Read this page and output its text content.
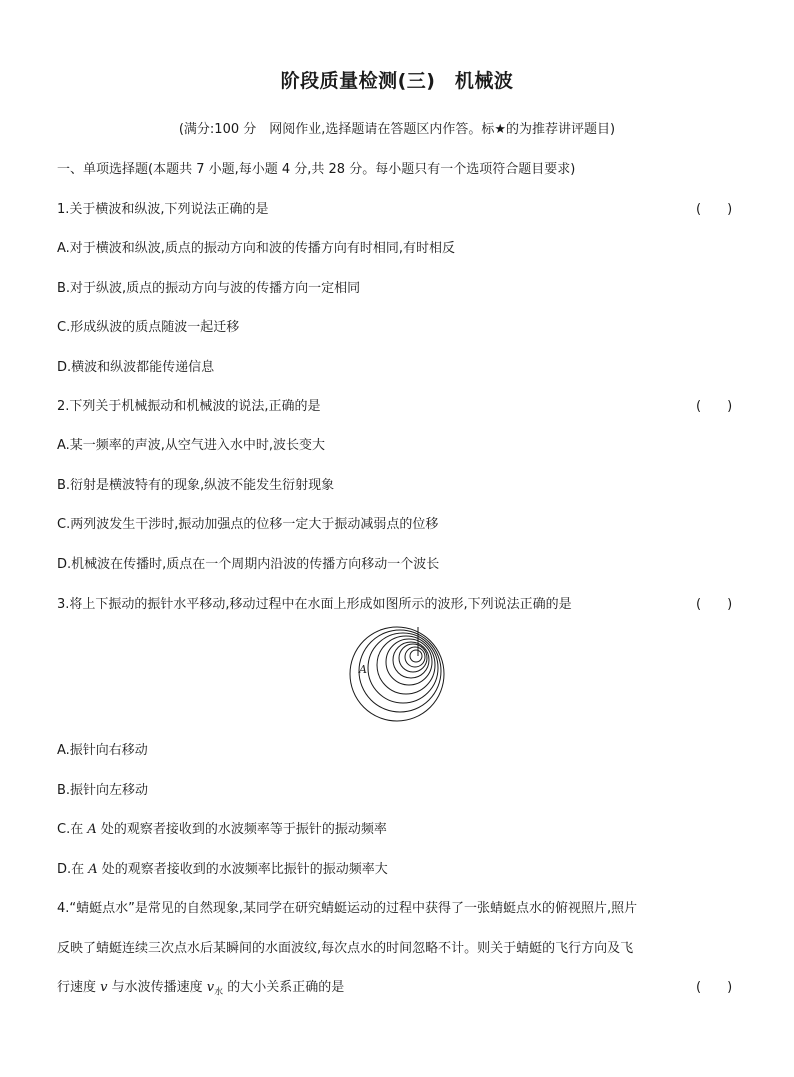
阶段质量检测(三)　机械波
(满分:100 分　网阅作业,选择题请在答题区内作答。标★的为推荐讲评题目)
一、单项选择题(本题共 7 小题,每小题 4 分,共 28 分。每小题只有一个选项符合题目要求)
1.关于横波和纵波,下列说法正确的是	(　　)
A.对于横波和纵波,质点的振动方向和波的传播方向有时相同,有时相反
B.对于纵波,质点的振动方向与波的传播方向一定相同
C.形成纵波的质点随波一起迁移
D.横波和纵波都能传递信息
2.下列关于机械振动和机械波的说法,正确的是	(　　)
A.某一频率的声波,从空气进入水中时,波长变大
B.衍射是横波特有的现象,纵波不能发生衍射现象
C.两列波发生干涉时,振动加强点的位移一定大于振动减弱点的位移
D.机械波在传播时,质点在一个周期内沿波的传播方向移动一个波长
3.将上下振动的振针水平移动,移动过程中在水面上形成如图所示的波形,下列说法正确的是	(　　)
A
A.振针向右移动
B.振针向左移动
C.在 A 处的观察者接收到的水波频率等于振针的振动频率
D.在 A 处的观察者接收到的水波频率比振针的振动频率大
4.“蜻蜓点水”是常见的自然现象,某同学在研究蜻蜓运动的过程中获得了一张蜻蜓点水的俯视照片,照片
反映了蜻蜓连续三次点水后某瞬间的水面波纹,每次点水的时间忽略不计。则关于蜻蜓的飞行方向及飞
行速度 v 与水波传播速度 $v_水$ 的大小关系正确的是	(　　)
